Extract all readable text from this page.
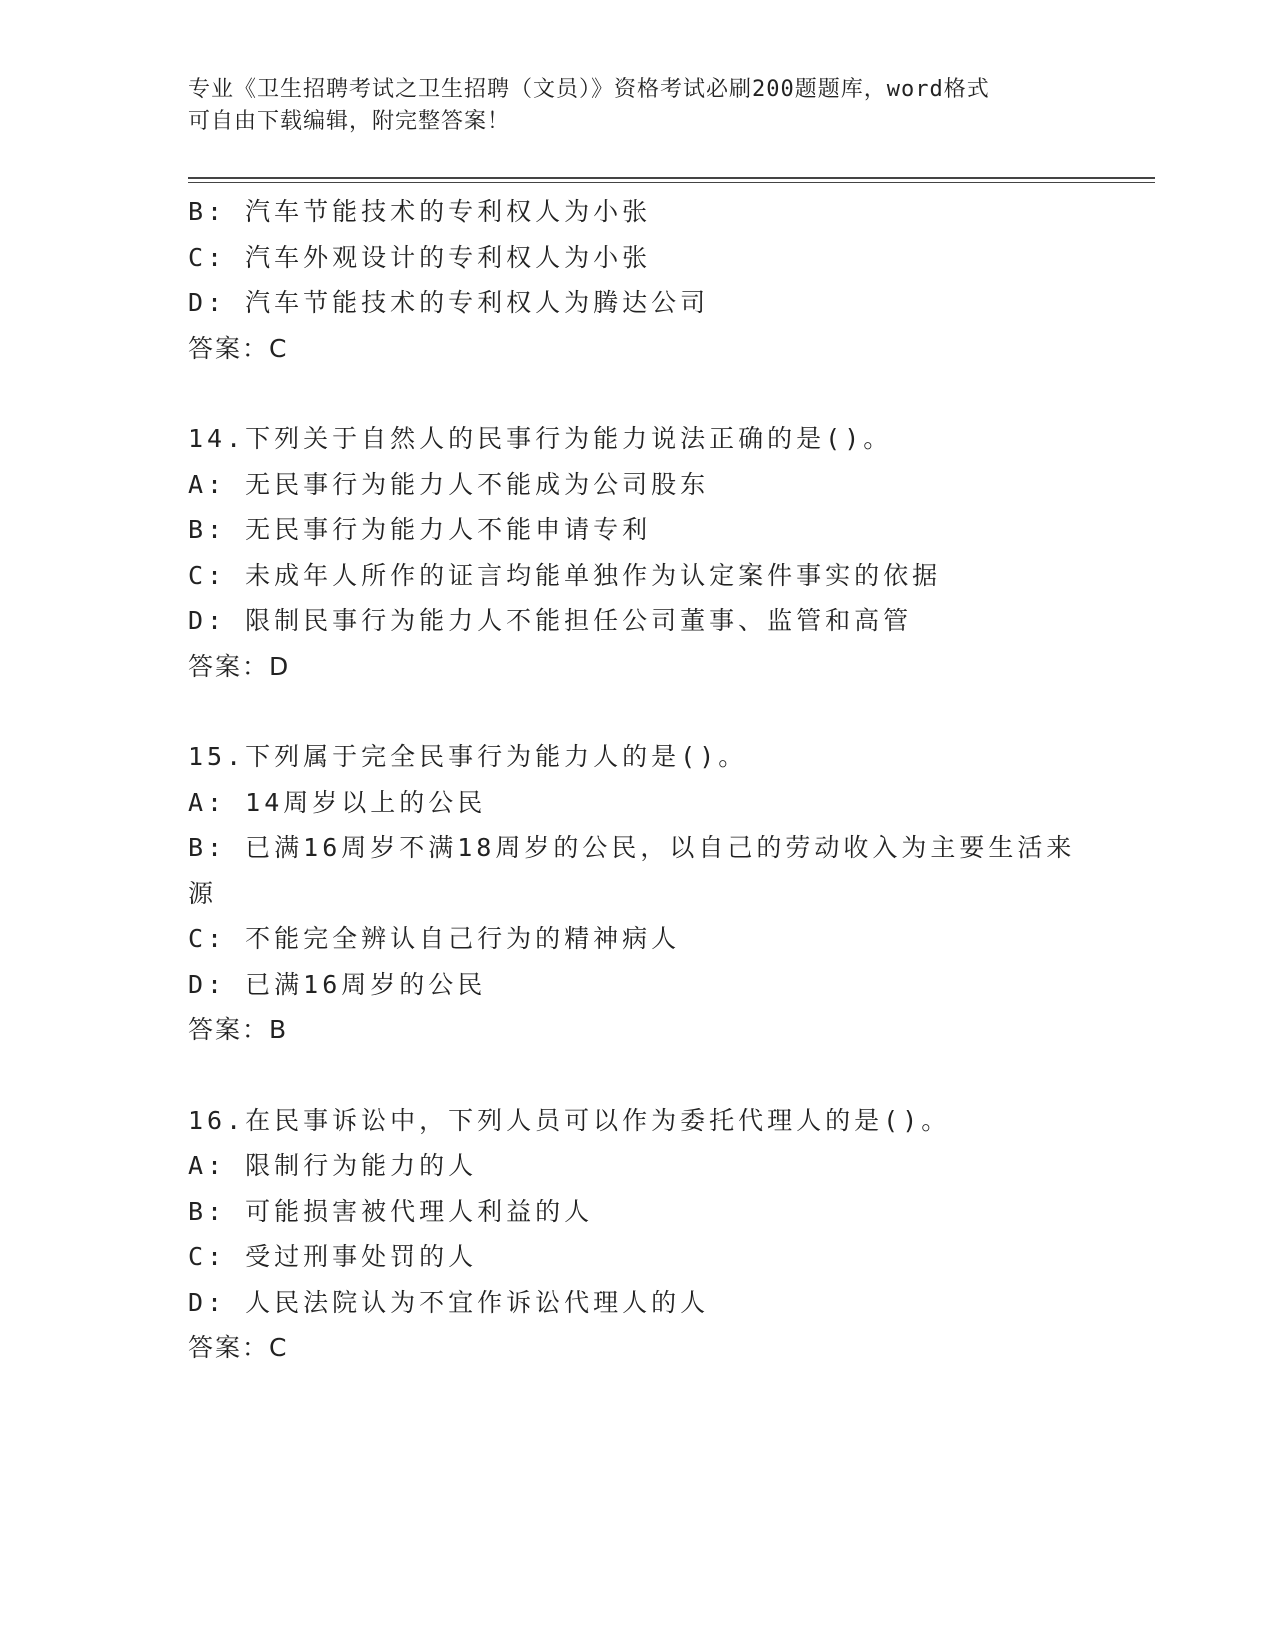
专业《卫生招聘考试之卫生招聘（文员）》资格考试必刷200题题库，word格式
可自由下载编辑，附完整答案！
B: 汽车节能技术的专利权人为小张
C: 汽车外观设计的专利权人为小张
D: 汽车节能技术的专利权人为腾达公司
答案：C
14.下列关于自然人的民事行为能力说法正确的是()。
A: 无民事行为能力人不能成为公司股东
B: 无民事行为能力人不能申请专利
C: 未成年人所作的证言均能单独作为认定案件事实的依据
D: 限制民事行为能力人不能担任公司董事、监管和高管
答案：D
15.下列属于完全民事行为能力人的是()。
A: 14周岁以上的公民
B: 已满16周岁不满18周岁的公民，以自己的劳动收入为主要生活来
源
C: 不能完全辨认自己行为的精神病人
D: 已满16周岁的公民
答案：B
16.在民事诉讼中，下列人员可以作为委托代理人的是()。
A: 限制行为能力的人
B: 可能损害被代理人利益的人
C: 受过刑事处罚的人
D: 人民法院认为不宜作诉讼代理人的人
答案：C
